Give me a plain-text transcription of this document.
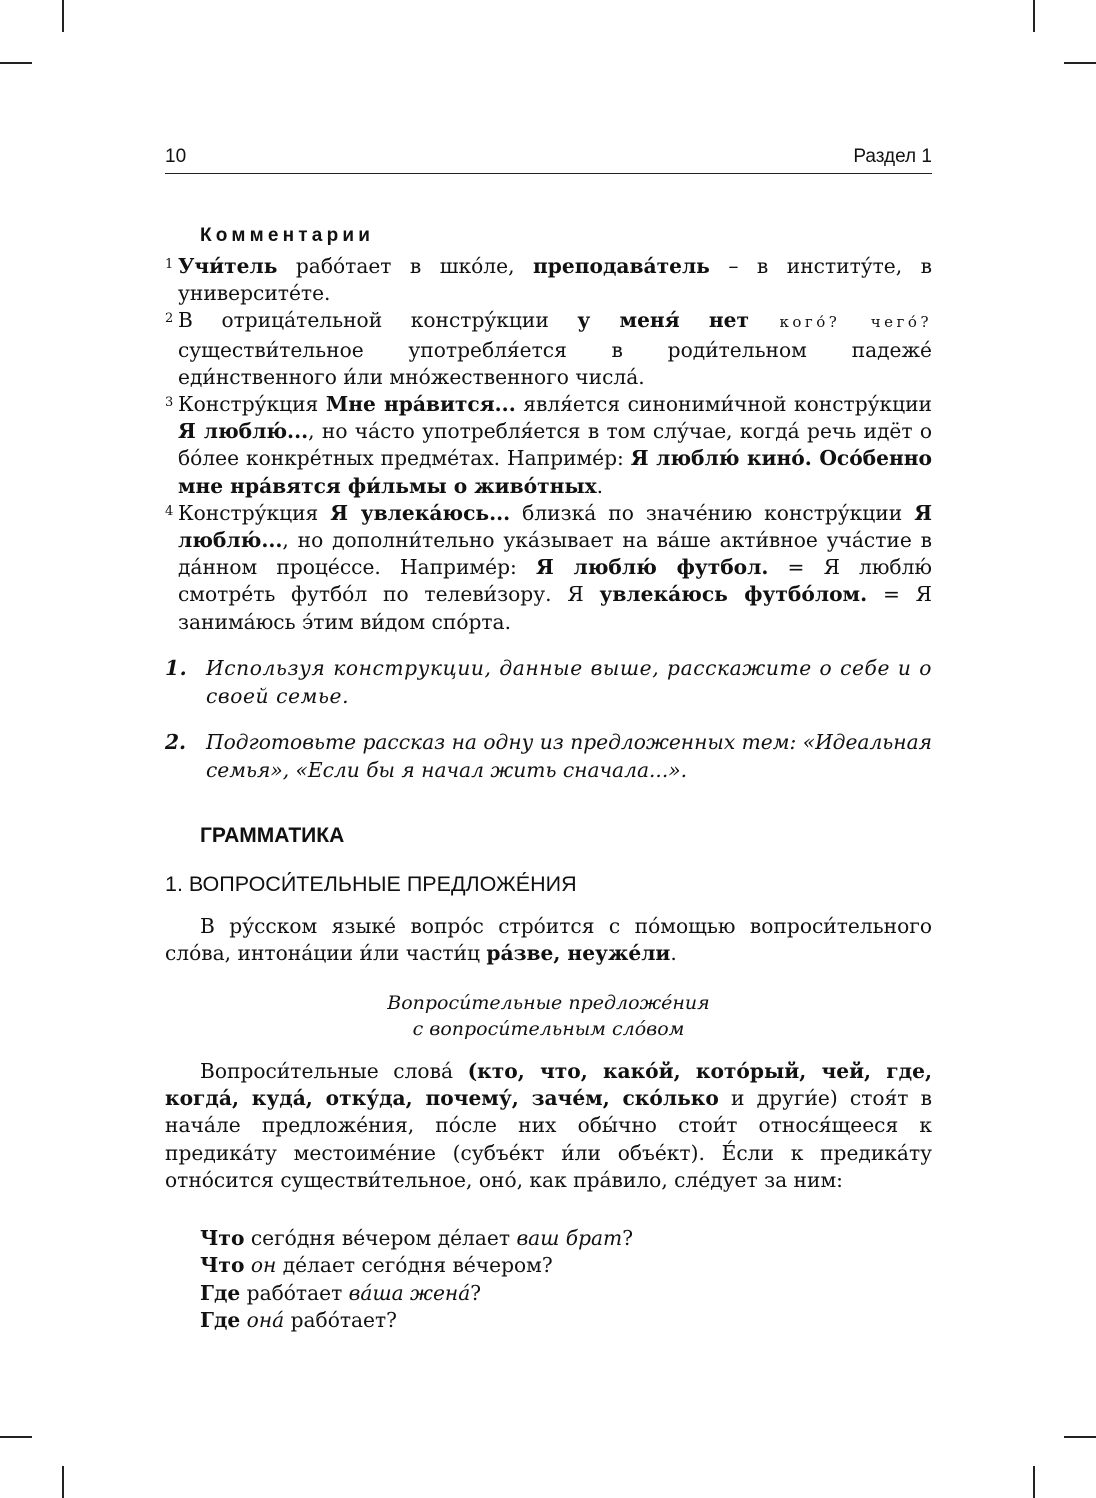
10	Раздел 1
Комментарии
1 Учи́тель рабо́тает в шко́ле, преподава́тель – в институ́те, в университе́те.
2 В отрица́тельной констру́кции у меня́ нет кого́? чего́? существи́тельное употребля́ется в роди́тельном падеже́ еди́нственного и́ли мно́жественного числа́.
3 Констру́кция Мне нра́вится... явля́ется синоними́чной констру́кции Я люблю́..., но ча́сто употребля́ется в том слу́чае, когда́ речь идёт о бо́лее конкре́тных предме́тах. Наприме́р: Я люблю́ кино́. Осо́бенно мне нра́вятся фи́льмы о живо́тных.
4 Констру́кция Я увлека́юсь... близка́ по значе́нию констру́кции Я люблю́..., но дополни́тельно ука́зывает на ва́ше акти́вное уча́стие в да́нном проце́ссе. Наприме́р: Я люблю́ футбол. = Я люблю́ смотре́ть футбо́л по телеви́зору. Я увлека́юсь футбо́лом. = Я занима́юсь э́тим ви́дом спо́рта.
1. Используя конструкции, данные выше, расскажите о себе и о своей семье.
2. Подготовьте рассказ на одну из предложенных тем: «Идеальная семья», «Если бы я начал жить сначала...».
ГРАММАТИКА
1. ВОПРОСИ́ТЕЛЬНЫЕ ПРЕДЛОЖЕ́НИЯ
В ру́сском языке́ вопро́с стро́ится с по́мощью вопроси́тельного сло́ва, интона́ции и́ли части́ц ра́зве, неуже́ли.
Вопроси́тельные предложе́ния
с вопроси́тельным сло́вом
Вопроси́тельные слова́ (кто, что, како́й, кото́рый, чей, где, когда́, куда́, отку́да, почему́, заче́м, ско́лько и други́е) стоя́т в нача́ле предложе́ния, по́сле них обы́чно стои́т относя́щееся к предика́ту местоиме́ние (субъе́кт и́ли объе́кт). Е́сли к предика́ту отно́сится существи́тельное, оно́, как пра́вило, сле́дует за ним:
Что сего́дня ве́чером де́лает ваш брат?
Что он де́лает сего́дня ве́чером?
Где рабо́тает ва́ша жена́?
Где она́ рабо́тает?
